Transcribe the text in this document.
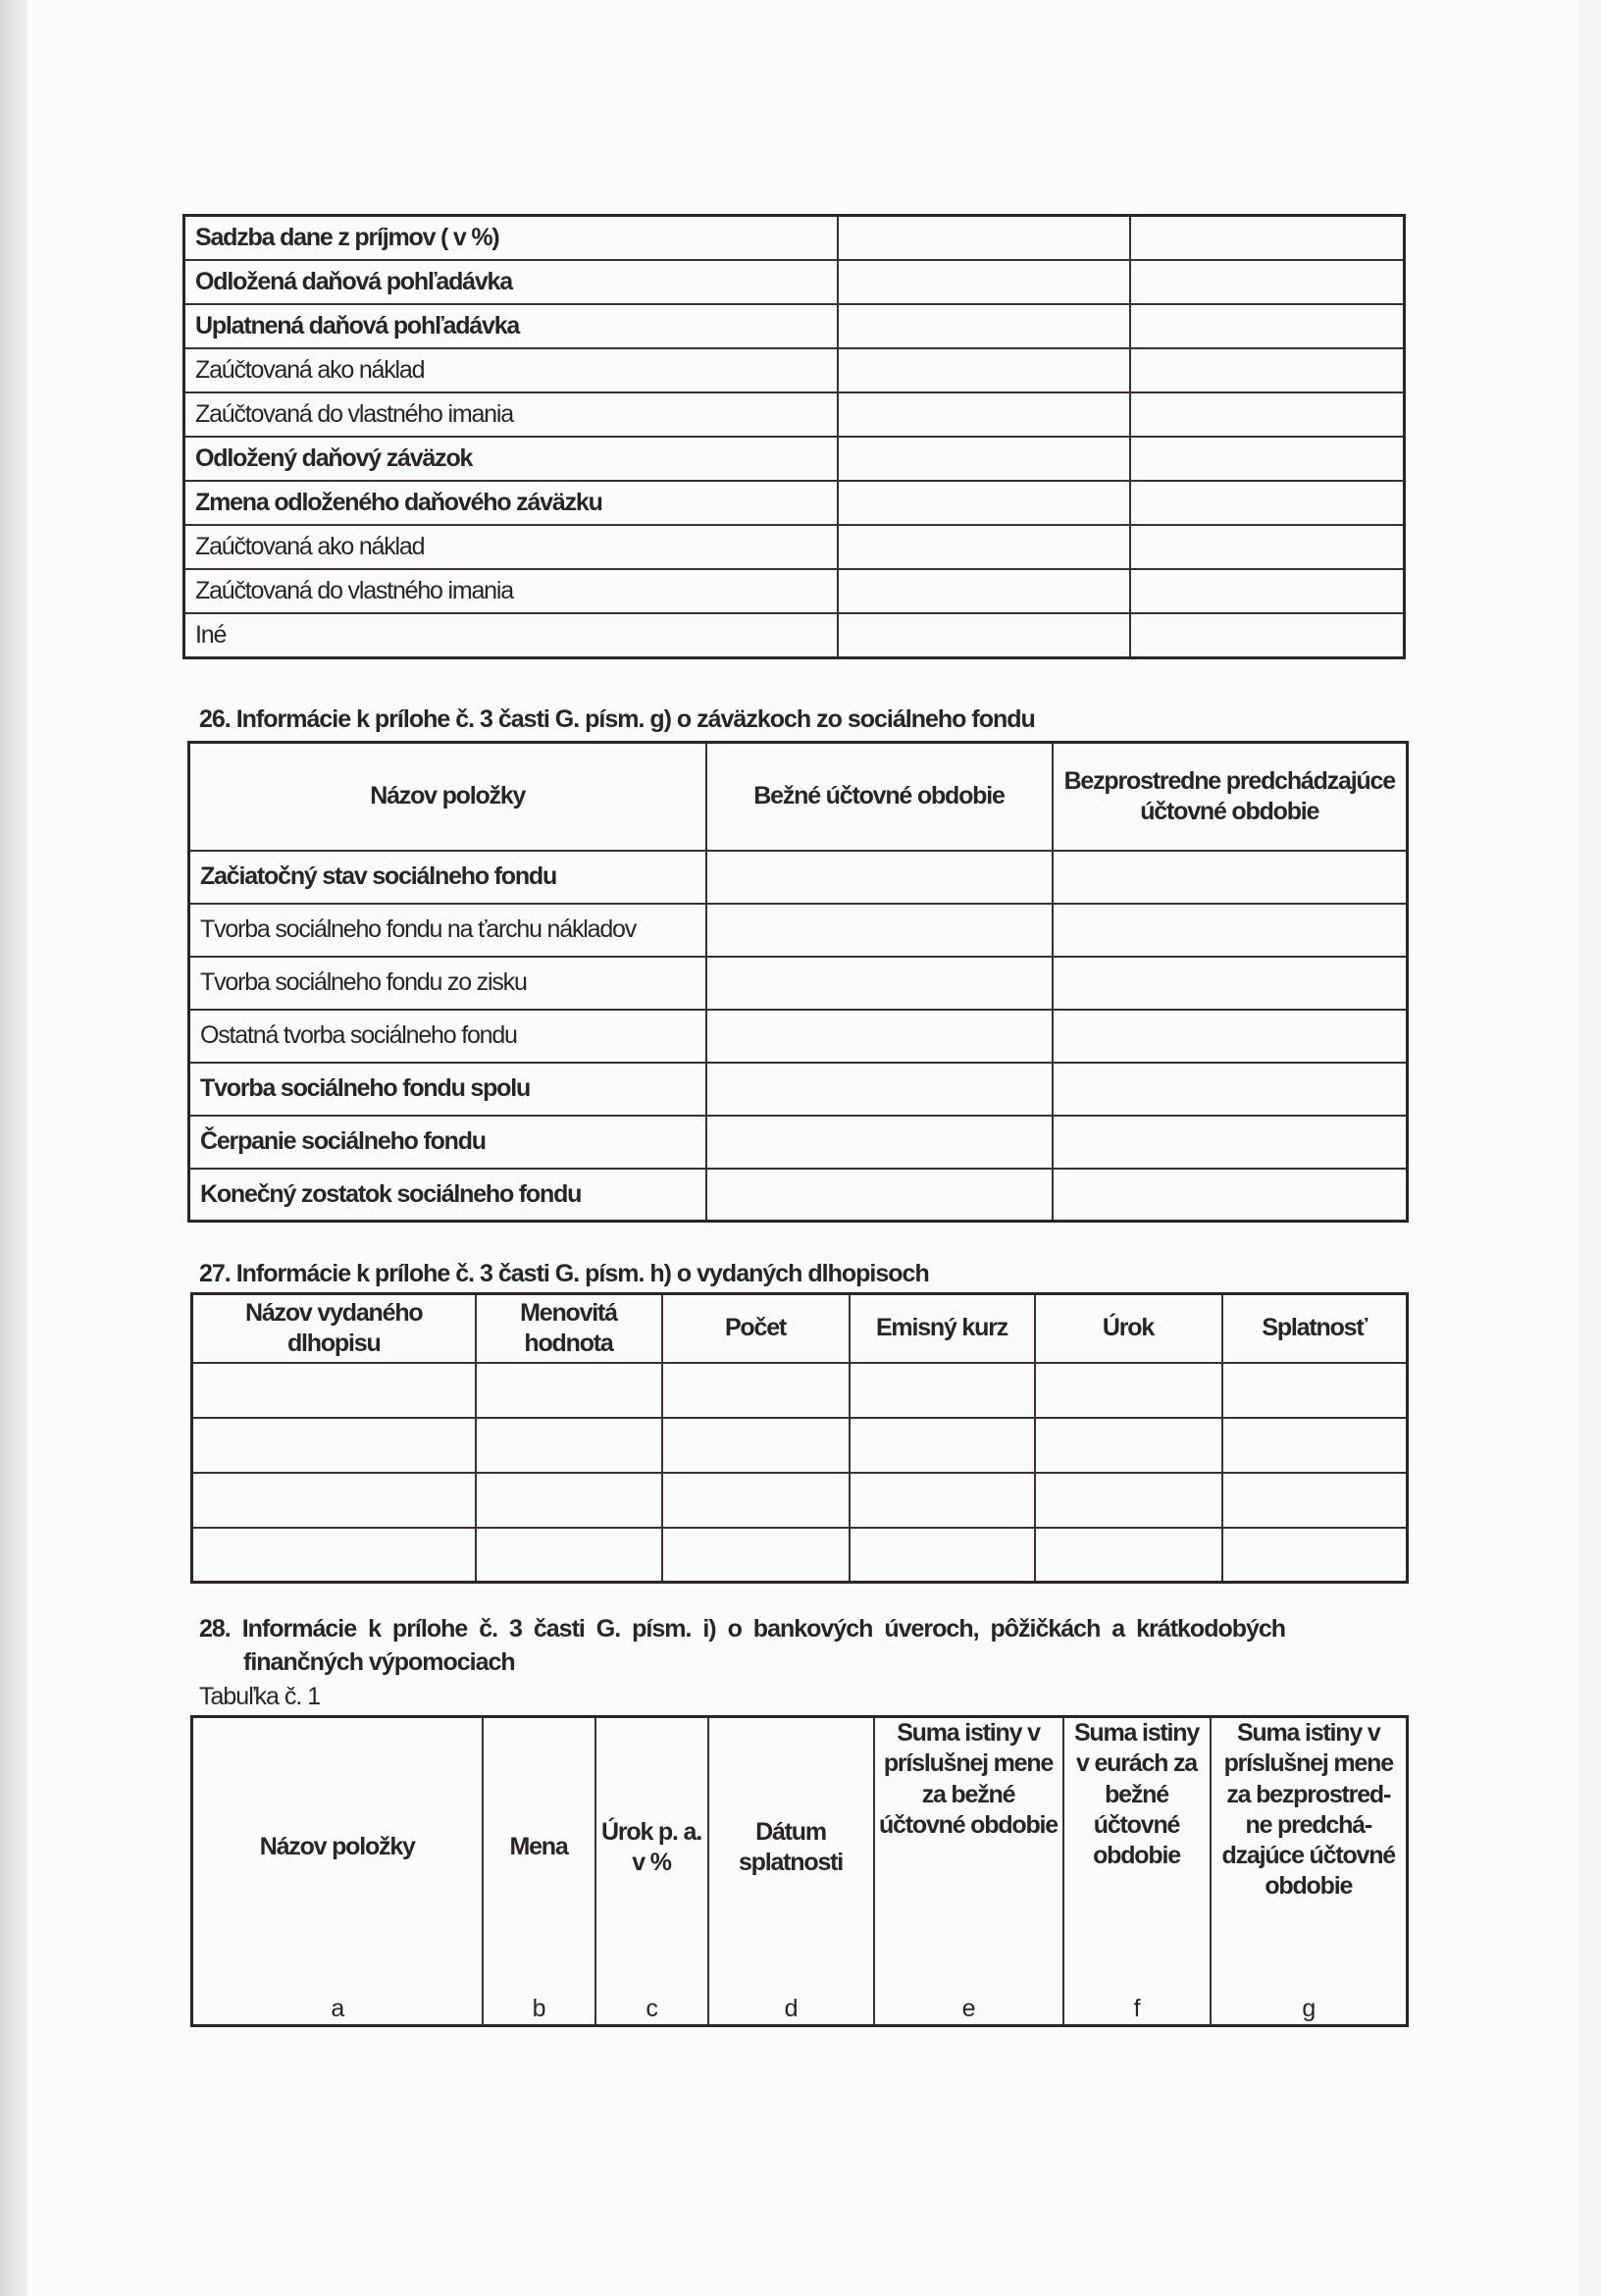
Sadzba dane z príjmov ( v %)		
Odložená daňová pohľadávka		
Uplatnená daňová pohľadávka		
Zaúčtovaná ako náklad		
Zaúčtovaná do vlastného imania		
Odložený daňový záväzok		
Zmena odloženého daňového záväzku		
Zaúčtovaná ako náklad		
Zaúčtovaná do vlastného imania		
Iné		
26. Informácie k prílohe č. 3 časti G. písm. g) o záväzkoch zo sociálneho fondu
Názov položky	Bežné účtovné obdobie	Bezprostredne predchádzajúce účtovné obdobie
Začiatočný stav sociálneho fondu		
Tvorba sociálneho fondu na ťarchu nákladov		
Tvorba sociálneho fondu zo zisku		
Ostatná tvorba sociálneho fondu		
Tvorba sociálneho fondu spolu		
Čerpanie sociálneho fondu		
Konečný zostatok sociálneho fondu		
27. Informácie k prílohe č. 3 časti G. písm. h) o vydaných dlhopisoch
Názov vydaného dlhopisu	Menovitá hodnota	Počet	Emisný kurz	Úrok	Splatnosť

28. Informácie k prílohe č. 3 časti G. písm. i) o bankových úveroch, pôžičkách a krátkodobých
finančných výpomociach
Tabuľka č. 1
Názov položky	Mena	Úrok p. a. v %	Dátum splatnosti	Suma istiny v príslušnej mene za bežné účtovné obdobie	Suma istiny v eurách za bežné účtovné obdobie	Suma istiny v príslušnej mene za bezprostred-ne predchá-dzajúce účtovné obdobie
a	b	c	d	e	f	g
